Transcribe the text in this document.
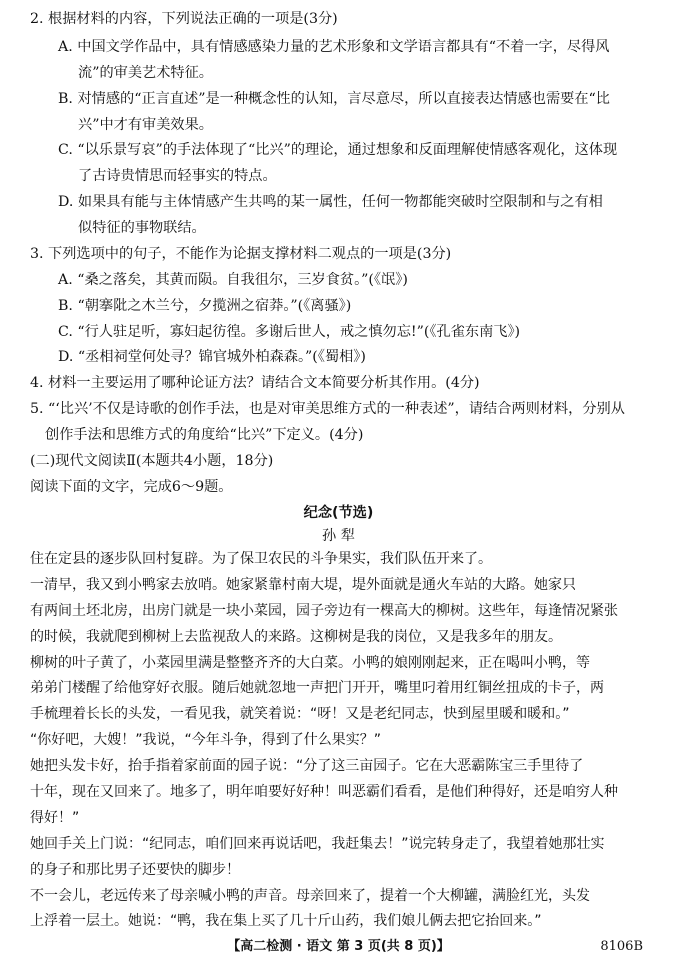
2. 根据材料的内容，下列说法正确的一项是(3分)
A. 中国文学作品中，具有情感感染力量的艺术形象和文学语言都具有“不着一字，尽得风
流”的审美艺术特征。
B. 对情感的“正言直述”是一种概念性的认知，言尽意尽，所以直接表达情感也需要在“比
兴”中才有审美效果。
C. “以乐景写哀”的手法体现了“比兴”的理论，通过想象和反面理解使情感客观化，这体现
了古诗贵情思而轻事实的特点。
D. 如果具有能与主体情感产生共鸣的某一属性，任何一物都能突破时空限制和与之有相
似特征的事物联结。
3. 下列选项中的句子，不能作为论据支撑材料二观点的一项是(3分)
A. “桑之落矣，其黄而陨。自我徂尔，三岁食贫。”(《氓》)
B. “朝搴阰之木兰兮，夕揽洲之宿莽。”(《离骚》)
C. “行人驻足听，寡妇起彷徨。多谢后世人，戒之慎勿忘!”(《孔雀东南飞》)
D. “丞相祠堂何处寻？锦官城外柏森森。”(《蜀相》)
4. 材料一主要运用了哪种论证方法？请结合文本简要分析其作用。(4分)
5. “‘比兴’不仅是诗歌的创作手法，也是对审美思维方式的一种表述”，请结合两则材料，分别从
创作手法和思维方式的角度给“比兴”下定义。(4分)
(二)现代文阅读Ⅱ(本题共4小题，18分)
阅读下面的文字，完成6～9题。
纪念(节选)
孙 犁
住在定县的逐步队回村复辟。为了保卫农民的斗争果实，我们队伍开来了。
一清早，我又到小鸭家去放哨。她家紧靠村南大堤，堤外面就是通火车站的大路。她家只
有两间土坯北房，出房门就是一块小菜园，园子旁边有一棵高大的柳树。这些年，每逢情况紧张
的时候，我就爬到柳树上去监视敌人的来路。这柳树是我的岗位，又是我多年的朋友。
柳树的叶子黄了，小菜园里满是整整齐齐的大白菜。小鸭的娘刚刚起来，正在喝叫小鸭，等
弟弟门楼醒了给他穿好衣服。随后她就忽地一声把门开开，嘴里叼着用红铜丝扭成的卡子，两
手梳理着长长的头发，一看见我，就笑着说：“呀！又是老纪同志，快到屋里暖和暖和。”
“你好吧，大嫂！”我说，“今年斗争，得到了什么果实？”
她把头发卡好，抬手指着家前面的园子说：“分了这三亩园子。它在大恶霸陈宝三手里待了
十年，现在又回来了。地多了，明年咱要好好种！叫恶霸们看看，是他们种得好，还是咱穷人种
得好！”
她回手关上门说：“纪同志，咱们回来再说话吧，我赶集去！”说完转身走了，我望着她那壮实
的身子和那比男子还要快的脚步！
不一会儿，老远传来了母亲喊小鸭的声音。母亲回来了，提着一个大柳罐，满脸红光，头发
上浮着一层土。她说：“鸭，我在集上买了几十斤山药，我们娘儿俩去把它抬回来。”
【高二检测 · 语文 第 3 页(共 8 页)】	8106B
